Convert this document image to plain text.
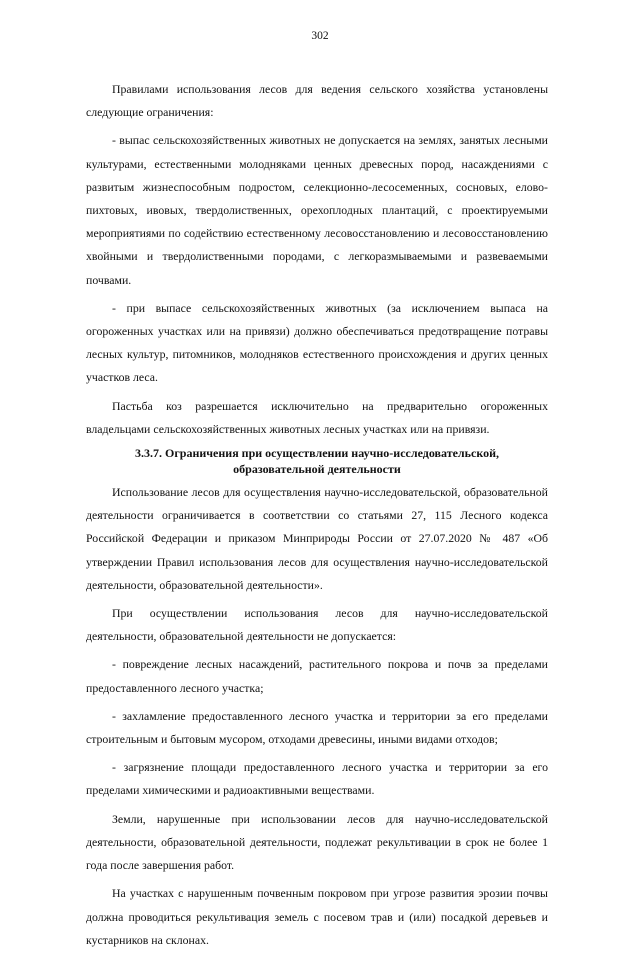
302

Правилами использования лесов для ведения сельского хозяйства установлены следующие ограничения:

- выпас сельскохозяйственных животных не допускается на землях, занятых лесными культурами, естественными молодняками ценных древесных пород, насаждениями с развитым жизнеспособным подростом, селекционно-лесосеменных, сосновых, елово-пихтовых, ивовых, твердолиственных, орехоплодных плантаций, с проектируемыми мероприятиями по содействию естественному лесовосстановлению и лесовосстановлению хвойными и твердолиственными породами, с легкоразмываемыми и развеваемыми почвами.

- при выпасе сельскохозяйственных животных (за исключением выпаса на огороженных участках или на привязи) должно обеспечиваться предотвращение потравы лесных культур, питомников, молодняков естественного происхождения и других ценных участков леса.

Пастьба коз разрешается исключительно на предварительно огороженных владельцами сельскохозяйственных животных лесных участках или на привязи.

3.3.7. Ограничения при осуществлении научно-исследовательской,
образовательной деятельности

Использование лесов для осуществления научно-исследовательской, образовательной деятельности ограничивается в соответствии со статьями 27, 115 Лесного кодекса Российской Федерации и приказом Минприроды России от 27.07.2020 № 487 «Об утверждении Правил использования лесов для осуществления научно-исследовательской деятельности, образовательной деятельности».

При осуществлении использования лесов для научно-исследовательской деятельности, образовательной деятельности не допускается:

- повреждение лесных насаждений, растительного покрова и почв за пределами предоставленного лесного участка;

- захламление предоставленного лесного участка и территории за его пределами строительным и бытовым мусором, отходами древесины, иными видами отходов;

- загрязнение площади предоставленного лесного участка и территории за его пределами химическими и радиоактивными веществами.

Земли, нарушенные при использовании лесов для научно-исследовательской деятельности, образовательной деятельности, подлежат рекультивации в срок не более 1 года после завершения работ.

На участках с нарушенным почвенным покровом при угрозе развития эрозии почвы должна проводиться рекультивация земель с посевом трав и (или) посадкой деревьев и кустарников на склонах.
